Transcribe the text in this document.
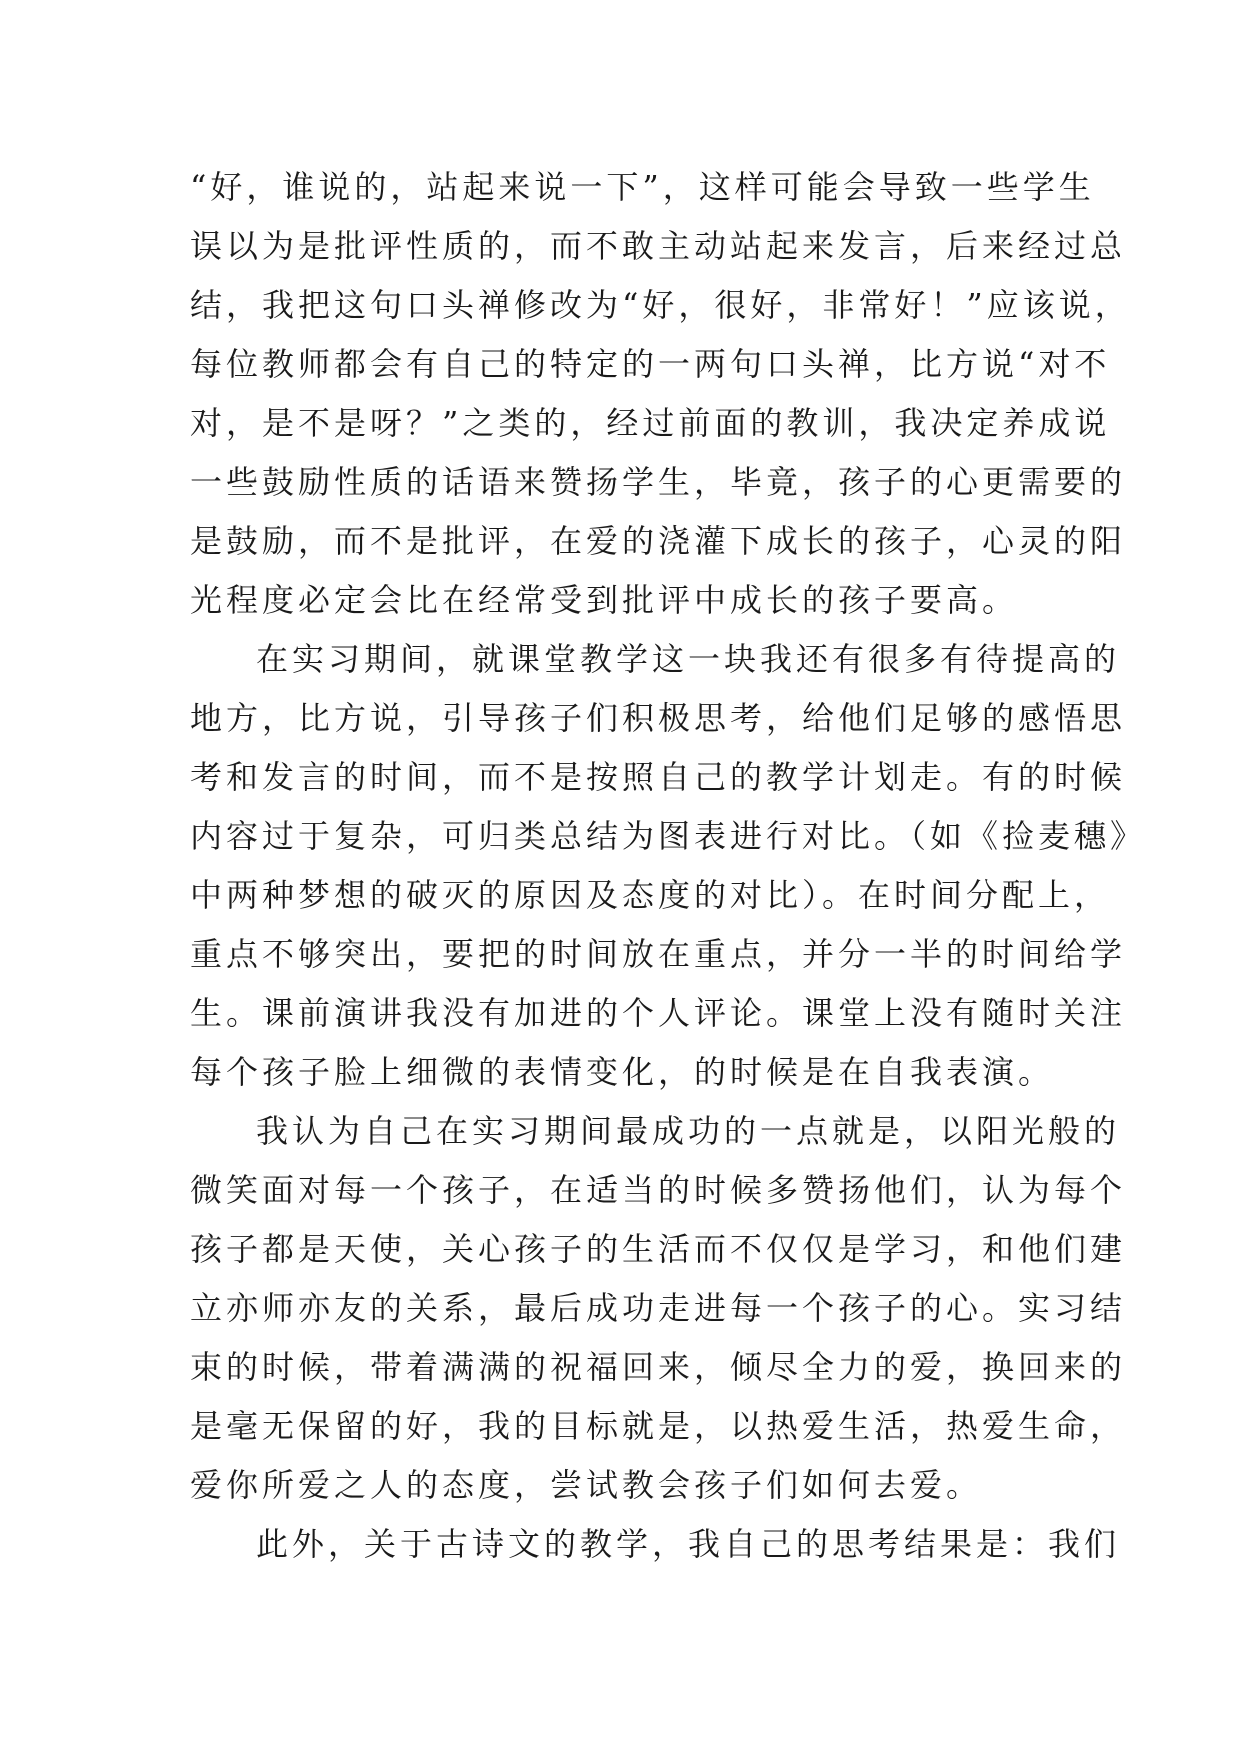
“好，谁说的，站起来说一下”，这样可能会导致一些学生
误以为是批评性质的，而不敢主动站起来发言，后来经过总
结，我把这句口头禅修改为“好，很好，非常好！”应该说，
每位教师都会有自己的特定的一两句口头禅，比方说“对不
对，是不是呀？”之类的，经过前面的教训，我决定养成说
一些鼓励性质的话语来赞扬学生，毕竟，孩子的心更需要的
是鼓励，而不是批评，在爱的浇灌下成长的孩子，心灵的阳
光程度必定会比在经常受到批评中成长的孩子要高。
在实习期间，就课堂教学这一块我还有很多有待提高的
地方，比方说，引导孩子们积极思考，给他们足够的感悟思
考和发言的时间，而不是按照自己的教学计划走。有的时候
内容过于复杂，可归类总结为图表进行对比。（如《捡麦穗》
中两种梦想的破灭的原因及态度的对比）。在时间分配上，
重点不够突出，要把的时间放在重点，并分一半的时间给学
生。课前演讲我没有加进的个人评论。课堂上没有随时关注
每个孩子脸上细微的表情变化，的时候是在自我表演。
我认为自己在实习期间最成功的一点就是，以阳光般的
微笑面对每一个孩子，在适当的时候多赞扬他们，认为每个
孩子都是天使，关心孩子的生活而不仅仅是学习，和他们建
立亦师亦友的关系，最后成功走进每一个孩子的心。实习结
束的时候，带着满满的祝福回来，倾尽全力的爱，换回来的
是毫无保留的好，我的目标就是，以热爱生活，热爱生命，
爱你所爱之人的态度，尝试教会孩子们如何去爱。
此外，关于古诗文的教学，我自己的思考结果是：我们
